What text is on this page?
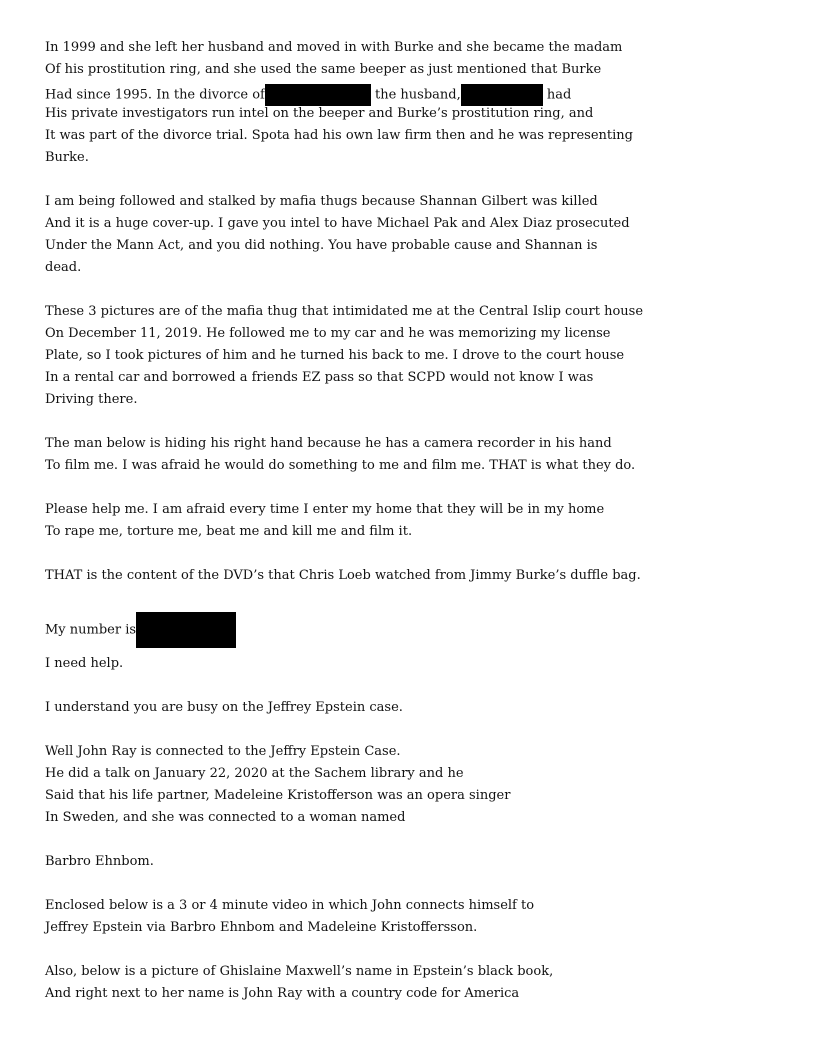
In 1999 and she left her husband and moved in with Burke and she became the madam
Of his prostitution ring, and she used the same beeper as just mentioned that Burke
Had since 1995. In the divorce of	the husband,	had
His private investigators run intel on the beeper and Burke’s prostitution ring, and
It was part of the divorce trial. Spota had his own law firm then and he was representing
Burke.
I am being followed and stalked by mafia thugs because Shannan Gilbert was killed
And it is a huge cover-up. I gave you intel to have Michael Pak and Alex Diaz prosecuted
Under the Mann Act, and you did nothing. You have probable cause and Shannan is
dead.
These 3 pictures are of the mafia thug that intimidated me at the Central Islip court house
On December 11, 2019. He followed me to my car and he was memorizing my license
Plate, so I took pictures of him and he turned his back to me. I drove to the court house
In a rental car and borrowed a friends EZ pass so that SCPD would not know I was
Driving there.
The man below is hiding his right hand because he has a camera recorder in his hand
To film me. I was afraid he would do something to me and film me. THAT is what they do.
Please help me. I am afraid every time I enter my home that they will be in my home
To rape me, torture me, beat me and kill me and film it.
THAT is the content of the DVD’s that Chris Loeb watched from Jimmy Burke’s duffle bag.
My number is
I need help.
I understand you are busy on the Jeffrey Epstein case.
Well John Ray is connected to the Jeffry Epstein Case.
He did a talk on January 22, 2020 at the Sachem library and he
Said that his life partner, Madeleine Kristofferson was an opera singer
In Sweden, and she was connected to a woman named
Barbro Ehnbom.
Enclosed below is a 3 or 4 minute video in which John connects himself to
Jeffrey Epstein via Barbro Ehnbom and Madeleine Kristoffersson.
Also, below is a picture of Ghislaine Maxwell’s name in Epstein’s black book,
And right next to her name is John Ray with a country code for America
